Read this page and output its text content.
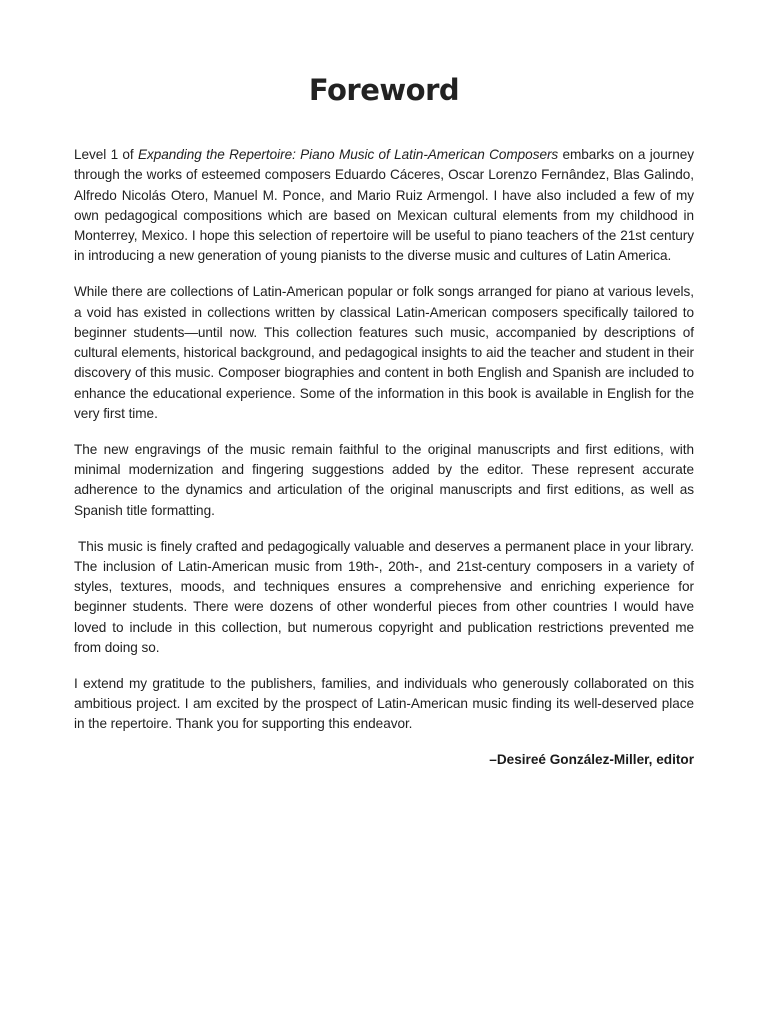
Foreword

Level 1 of Expanding the Repertoire: Piano Music of Latin-American Composers embarks on a journey through the works of esteemed composers Eduardo Cáceres, Oscar Lorenzo Fernândez, Blas Galindo, Alfredo Nicolás Otero, Manuel M. Ponce, and Mario Ruiz Armengol. I have also included a few of my own pedagogical compositions which are based on Mexican cultural elements from my childhood in Monterrey, Mexico. I hope this selection of repertoire will be useful to piano teachers of the 21st century in introducing a new generation of young pianists to the diverse music and cultures of Latin America.

While there are collections of Latin-American popular or folk songs arranged for piano at various levels, a void has existed in collections written by classical Latin-American composers specifically tailored to beginner students—until now. This collection features such music, accompanied by descriptions of cultural elements, historical background, and pedagogical insights to aid the teacher and student in their discovery of this music. Composer biographies and content in both English and Spanish are included to enhance the educational experience. Some of the information in this book is available in English for the very first time.

The new engravings of the music remain faithful to the original manuscripts and first editions, with minimal modernization and fingering suggestions added by the editor. These represent accurate adherence to the dynamics and articulation of the original manuscripts and first editions, as well as Spanish title formatting.

This music is finely crafted and pedagogically valuable and deserves a permanent place in your library. The inclusion of Latin-American music from 19th-, 20th-, and 21st-century composers in a variety of styles, textures, moods, and techniques ensures a comprehensive and enriching experience for beginner students. There were dozens of other wonderful pieces from other countries I would have loved to include in this collection, but numerous copyright and publication restrictions prevented me from doing so.

I extend my gratitude to the publishers, families, and individuals who generously collaborated on this ambitious project. I am excited by the prospect of Latin-American music finding its well-deserved place in the repertoire. Thank you for supporting this endeavor.

–Desireé González-Miller, editor
